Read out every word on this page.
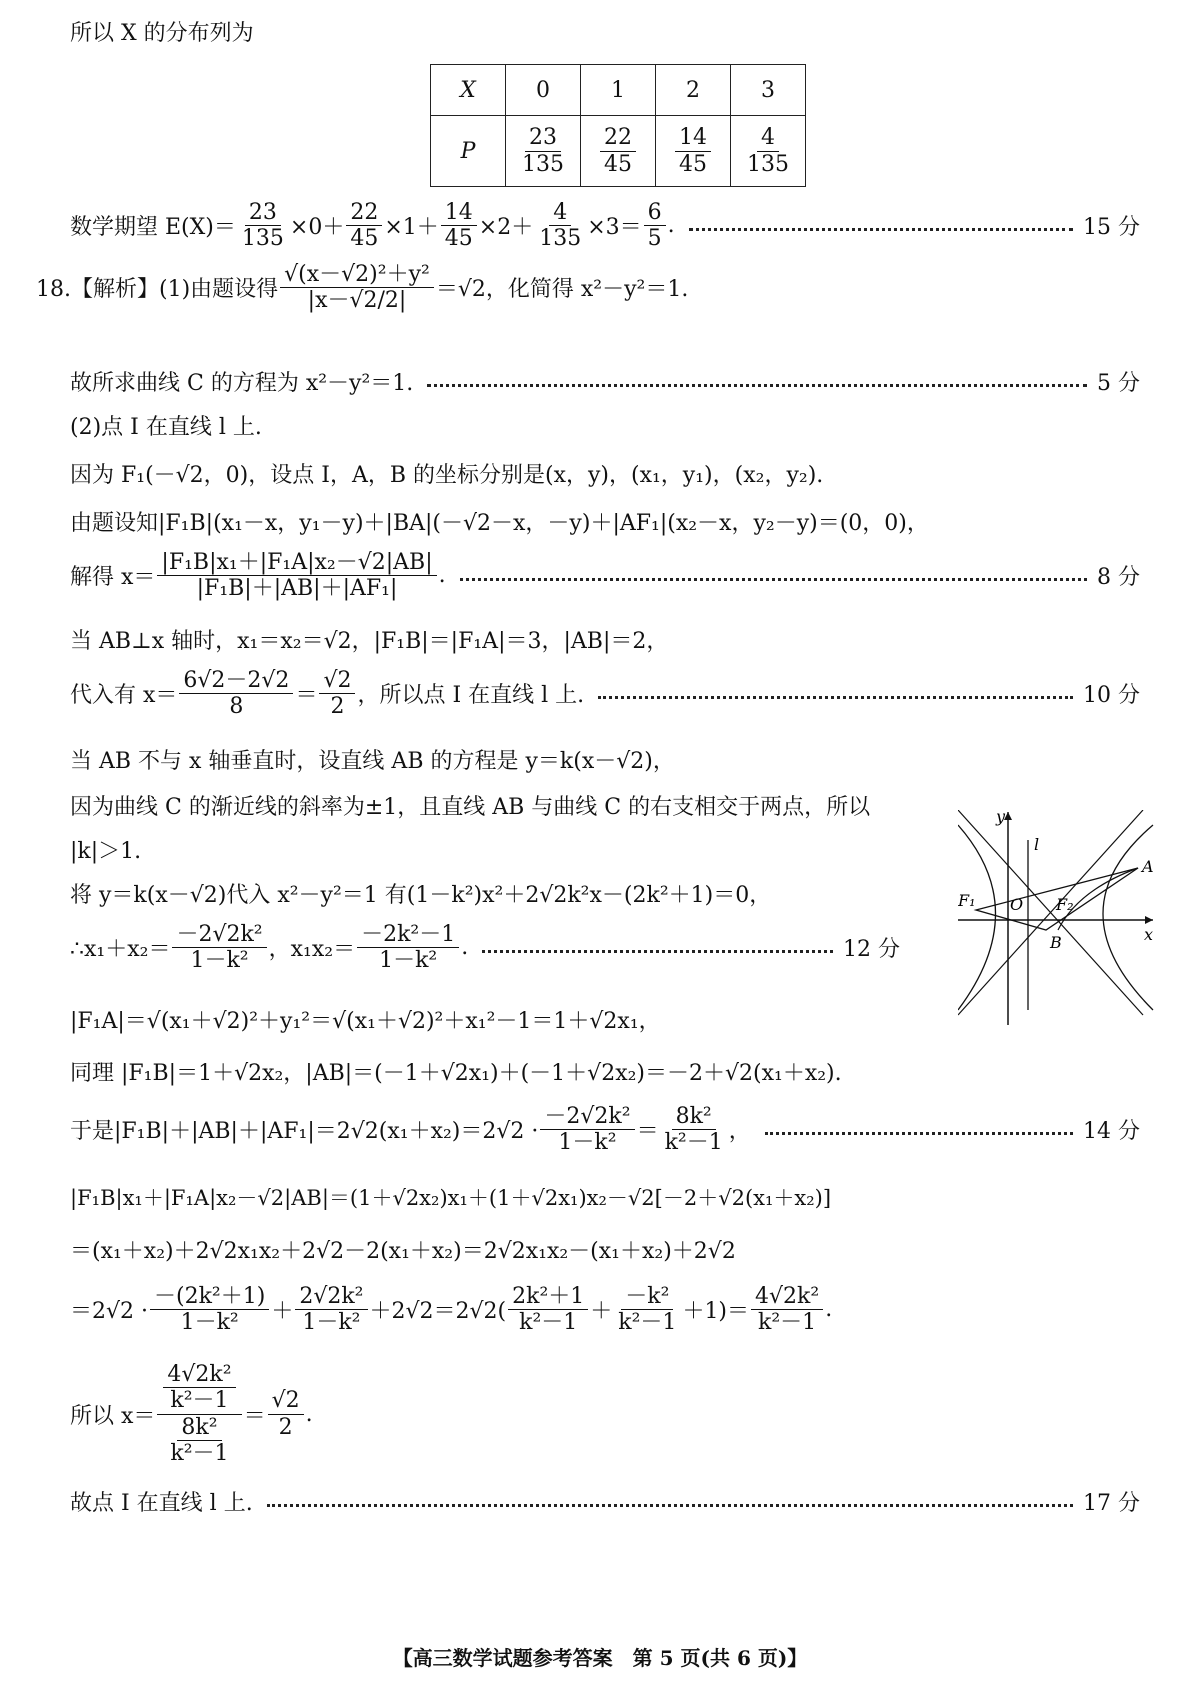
所以 X 的分布列为
X	0	1	2	3
P	$\frac{23}{135}$	$\frac{22}{45}$	$\frac{14}{45}$	$\frac{4}{135}$
数学期望 $E(X)= \frac{23}{135} \times 0+ \frac{22}{45} \times 1+ \frac{14}{45} \times 2+ \frac{4}{135} \times 3= \frac{6}{5}$ .	15 分
18.【解析】(1)由题设得 $\frac{\text{√(x－√2)²＋y²}}{|x-√2/2|} =√2$，化简得 x²－y²＝1.
故所求曲线 C 的方程为 x²－y²＝1.	5 分
(2)点 I 在直线 l 上.
因为 F₁(－√2，0)，设点 I，A，B 的坐标分别是(x，y)，(x₁，y₁)，(x₂，y₂).
由题设知|F₁B|(x₁－x，y₁－y)＋|BA|(－√2－x，－y)＋|AF₁|(x₂－x，y₂－y)＝(0，0)，
解得 $x= \frac{\text{|F₁B|x₁＋|F₁A|x₂－√2|AB|}}{\text{|F₁B|＋|AB|＋|AF₁|}}$ .	8 分
当 AB⊥x 轴时，x₁＝x₂＝√2，|F₁B|＝|F₁A|＝3，|AB|＝2，
代入有 $x= \frac{6√2-2√2}{8} = \frac{√2}{2}$ ，所以点 I 在直线 l 上.	10 分
当 AB 不与 x 轴垂直时，设直线 AB 的方程是 y＝k(x－√2)，
因为曲线 C 的渐近线的斜率为±1，且直线 AB 与曲线 C 的右支相交于两点，所以
|k|＞1.
将 y＝k(x－√2)代入 x²－y²＝1 有(1－k²)x²＋2√2k²x－(2k²＋1)＝0，
∴x₁＋x₂＝ $\frac{\text{－2√2k²}}{\text{1－k²}}$ ，$x_1x_2= \frac{\text{－2k²－1}}{\text{1－k²}}$ .	12 分
y
x
l
O
F₁	F₂
A
B
|F₁A|＝√(x₁＋√2)²＋y₁²＝√(x₁＋√2)²＋x₁²－1＝1＋√2x₁，
同理 |F₁B|＝1＋√2x₂，|AB|＝(－1＋√2x₁)＋(－1＋√2x₂)＝－2＋√2(x₁＋x₂).
于是$|F_1B|+|AB|+|AF_1|=2√2(x_1+x_2)=2√2 \cdot \frac{\text{－2√2k²}}{\text{1－k²}} = \frac{\text{8k²}}{\text{k²－1}}$ ，	14 分
|F₁B|x₁＋|F₁A|x₂－√2|AB|＝(1＋√2x₂)x₁＋(1＋√2x₁)x₂－√2[－2＋√2(x₁＋x₂)]
＝(x₁＋x₂)＋2√2x₁x₂＋2√2－2(x₁＋x₂)＝2√2x₁x₂－(x₁＋x₂)＋2√2
$=2√2 \cdot \frac{\text{－(2k²＋1)}}{\text{1－k²}} + \frac{\text{2√2k²}}{\text{1－k²}} +2√2=2√2( \frac{\text{2k²＋1}}{\text{k²－1}} + \frac{\text{－k²}}{\text{k²－1}} +1)= \frac{\text{4√2k²}}{\text{k²－1}}$ .
所以 $x= \frac{\frac{\text{4√2k²}}{\text{k²－1}}}{\frac{\text{8k²}}{\text{k²－1}}} = \frac{√2}{2}$ .
故点 I 在直线 l 上.	17 分
【高三数学试题参考答案　第 5 页(共 6 页)】
